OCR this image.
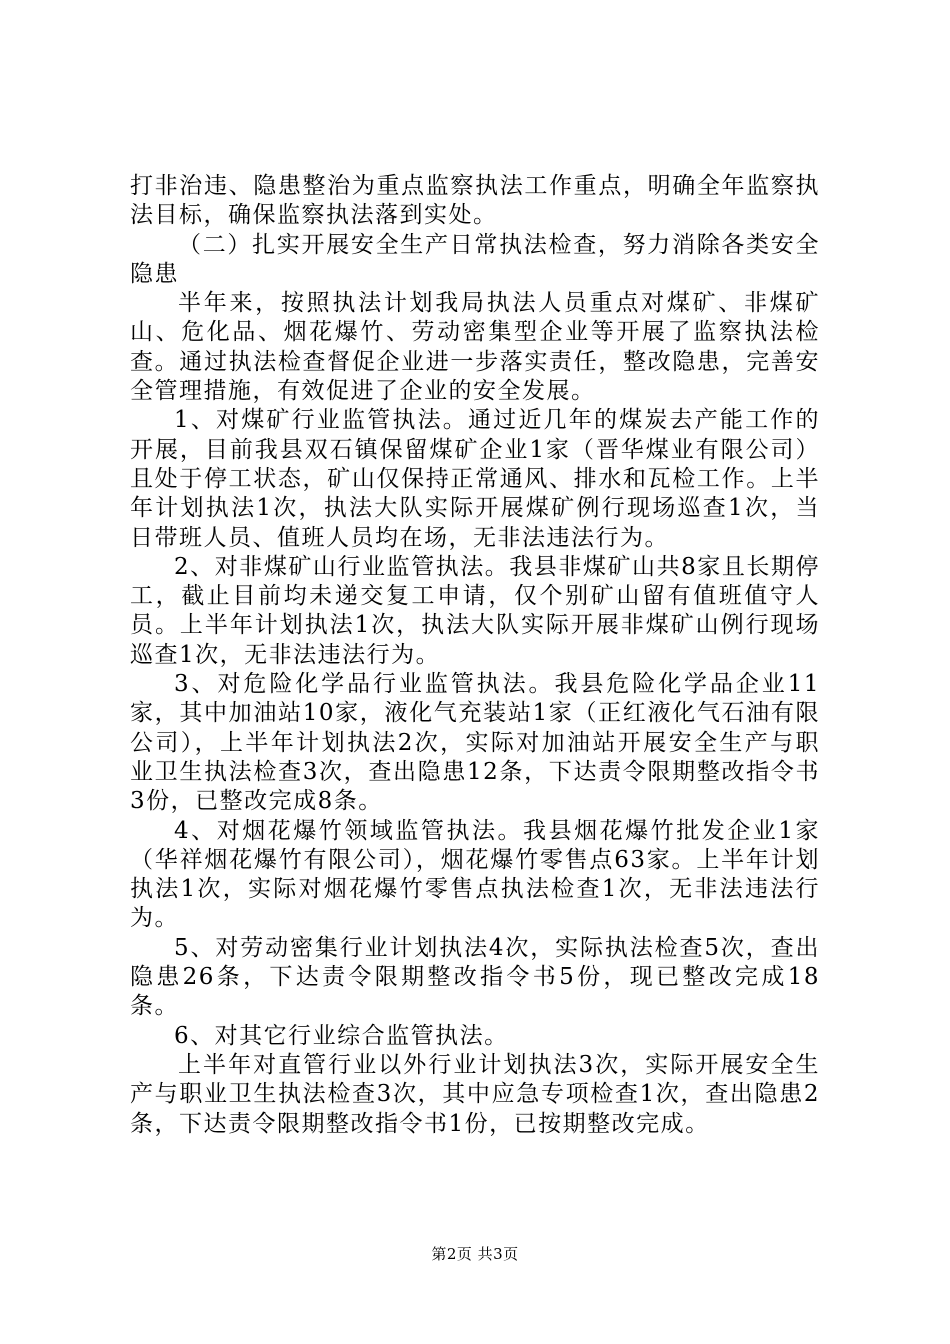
打非治违、隐患整治为重点监察执法工作重点，明确全年监察执法目标，确保监察执法落到实处。

（二）扎实开展安全生产日常执法检查，努力消除各类安全隐患

半年来，按照执法计划我局执法人员重点对煤矿、非煤矿山、危化品、烟花爆竹、劳动密集型企业等开展了监察执法检查。通过执法检查督促企业进一步落实责任，整改隐患，完善安全管理措施，有效促进了企业的安全发展。

1、对煤矿行业监管执法。通过近几年的煤炭去产能工作的开展，目前我县双石镇保留煤矿企业1家（晋华煤业有限公司）且处于停工状态，矿山仅保持正常通风、排水和瓦检工作。上半年计划执法1次，执法大队实际开展煤矿例行现场巡查1次，当日带班人员、值班人员均在场，无非法违法行为。

2、对非煤矿山行业监管执法。我县非煤矿山共8家且长期停工，截止目前均未递交复工申请，仅个别矿山留有值班值守人员。上半年计划执法1次，执法大队实际开展非煤矿山例行现场巡查1次，无非法违法行为。

3、对危险化学品行业监管执法。我县危险化学品企业11家，其中加油站10家，液化气充装站1家（正红液化气石油有限公司），上半年计划执法2次，实际对加油站开展安全生产与职业卫生执法检查3次，查出隐患12条，下达责令限期整改指令书3份，已整改完成8条。

4、对烟花爆竹领域监管执法。我县烟花爆竹批发企业1家（华祥烟花爆竹有限公司），烟花爆竹零售点63家。上半年计划执法1次，实际对烟花爆竹零售点执法检查1次，无非法违法行为。

5、对劳动密集行业计划执法4次，实际执法检查5次，查出隐患26条，下达责令限期整改指令书5份，现已整改完成18条。

6、对其它行业综合监管执法。

上半年对直管行业以外行业计划执法3次，实际开展安全生产与职业卫生执法检查3次，其中应急专项检查1次，查出隐患2条，下达责令限期整改指令书1份，已按期整改完成。

第2页 共3页
